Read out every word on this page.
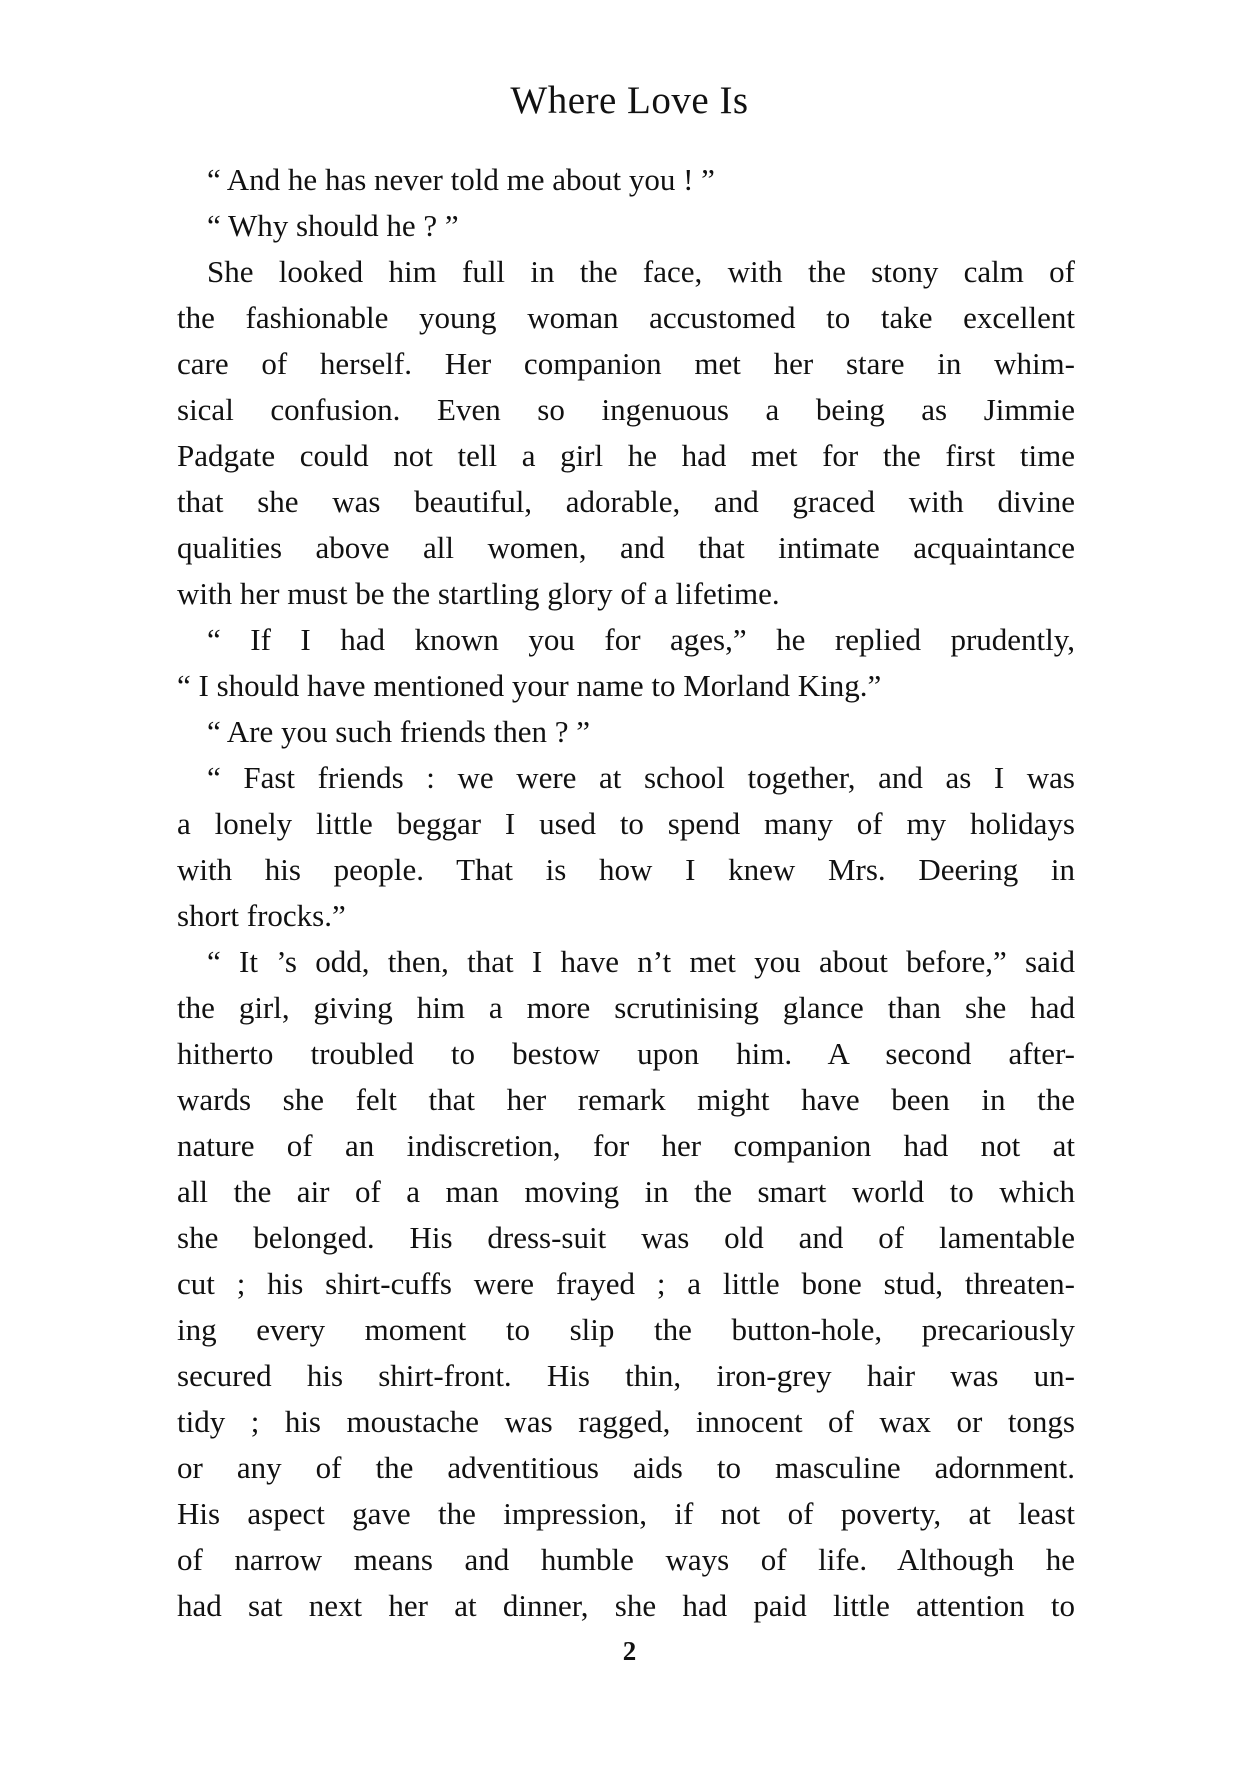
Where Love Is
“ And he has never told me about you ! ”
“ Why should he ? ”
She looked him full in the face, with the stony calm of
the fashionable young woman accustomed to take excellent
care of herself. Her companion met her stare in whim-
sical confusion. Even so ingenuous a being as Jimmie
Padgate could not tell a girl he had met for the first time
that she was beautiful, adorable, and graced with divine
qualities above all women, and that intimate acquaintance
with her must be the startling glory of a lifetime.
“ If I had known you for ages,” he replied prudently,
“ I should have mentioned your name to Morland King.”
“ Are you such friends then ? ”
“ Fast friends : we were at school together, and as I was
a lonely little beggar I used to spend many of my holidays
with his people. That is how I knew Mrs. Deering in
short frocks.”
“ It ’s odd, then, that I have n’t met you about before,” said
the girl, giving him a more scrutinising glance than she had
hitherto troubled to bestow upon him. A second after-
wards she felt that her remark might have been in the
nature of an indiscretion, for her companion had not at
all the air of a man moving in the smart world to which
she belonged. His dress-suit was old and of lamentable
cut ; his shirt-cuffs were frayed ; a little bone stud, threaten-
ing every moment to slip the button-hole, precariously
secured his shirt-front. His thin, iron-grey hair was un-
tidy ; his moustache was ragged, innocent of wax or tongs
or any of the adventitious aids to masculine adornment.
His aspect gave the impression, if not of poverty, at least
of narrow means and humble ways of life. Although he
had sat next her at dinner, she had paid little attention to
2
